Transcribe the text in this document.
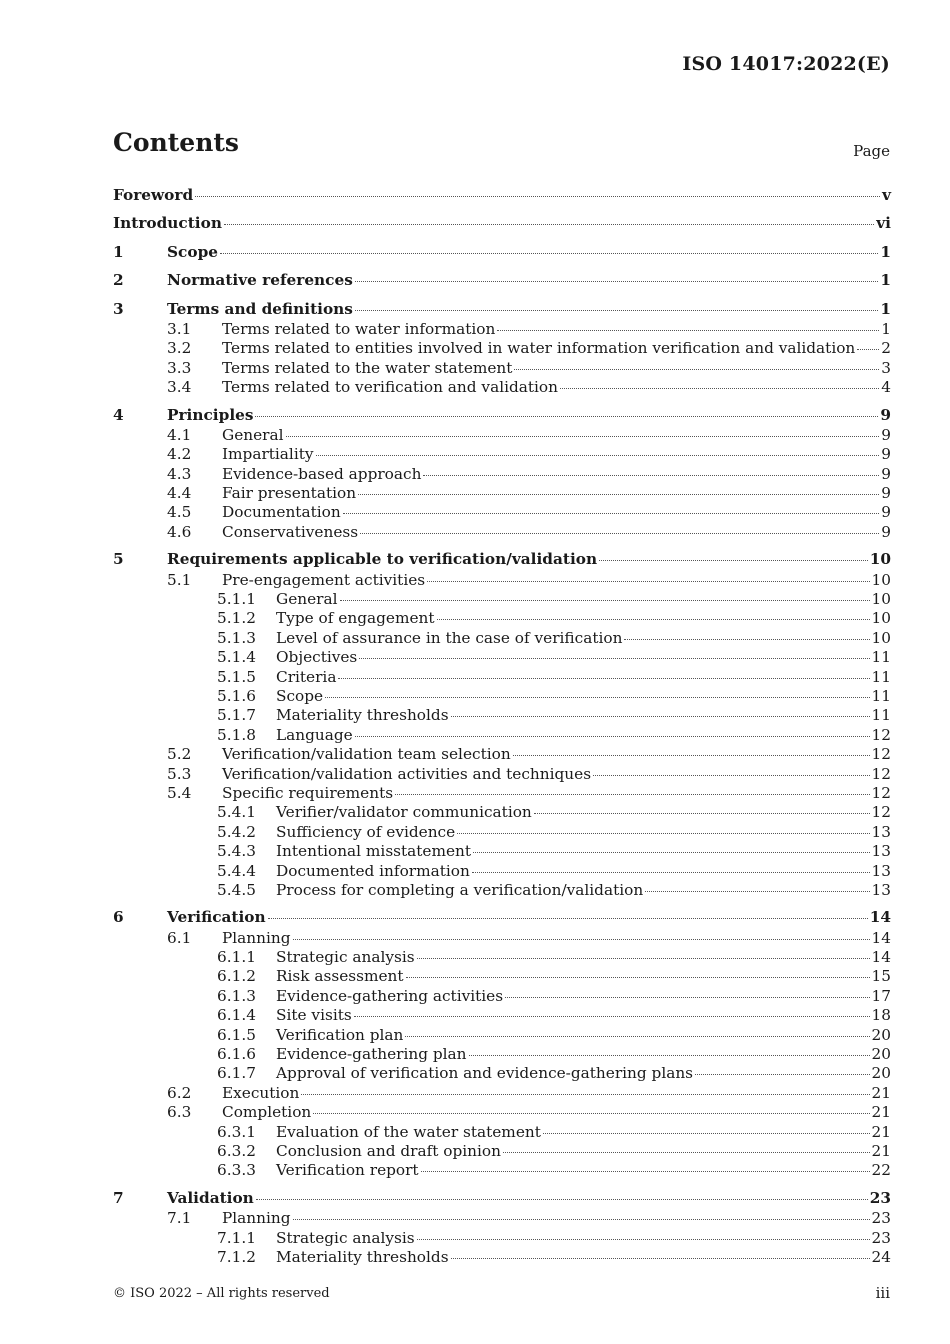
ISO 14017:2022(E)
Contents	Page
Foreword	v
Introduction	vi
1	Scope	1
2	Normative references	1
3	Terms and definitions	1
3.1	Terms related to water information	1
3.2	Terms related to entities involved in water information verification and validation 2
3.3	Terms related to the water statement	3
3.4	Terms related to verification and validation	4
4	Principles	9
4.1	General	9
4.2	Impartiality	9
4.3	Evidence-based approach	9
4.4	Fair presentation	9
4.5	Documentation	9
4.6	Conservativeness	9
5	Requirements applicable to verification/validation	10
5.1	Pre-engagement activities	10
5.1.1	General	10
5.1.2	Type of engagement	10
5.1.3	Level of assurance in the case of verification	10
5.1.4	Objectives	11
5.1.5	Criteria	11
5.1.6	Scope	11
5.1.7	Materiality thresholds	11
5.1.8	Language	12
5.2	Verification/validation team selection	12
5.3	Verification/validation activities and techniques	12
5.4	Specific requirements	12
5.4.1	Verifier/validator communication	12
5.4.2	Sufficiency of evidence	13
5.4.3	Intentional misstatement	13
5.4.4	Documented information	13
5.4.5	Process for completing a verification/validation	13
6	Verification	14
6.1	Planning	14
6.1.1	Strategic analysis	14
6.1.2	Risk assessment	15
6.1.3	Evidence-gathering activities	17
6.1.4	Site visits	18
6.1.5	Verification plan	20
6.1.6	Evidence-gathering plan	20
6.1.7	Approval of verification and evidence-gathering plans	20
6.2	Execution	21
6.3	Completion	21
6.3.1	Evaluation of the water statement	21
6.3.2	Conclusion and draft opinion	21
6.3.3	Verification report	22
7	Validation	23
7.1	Planning	23
7.1.1	Strategic analysis	23
7.1.2	Materiality thresholds	24
© ISO 2022 – All rights reserved	iii
